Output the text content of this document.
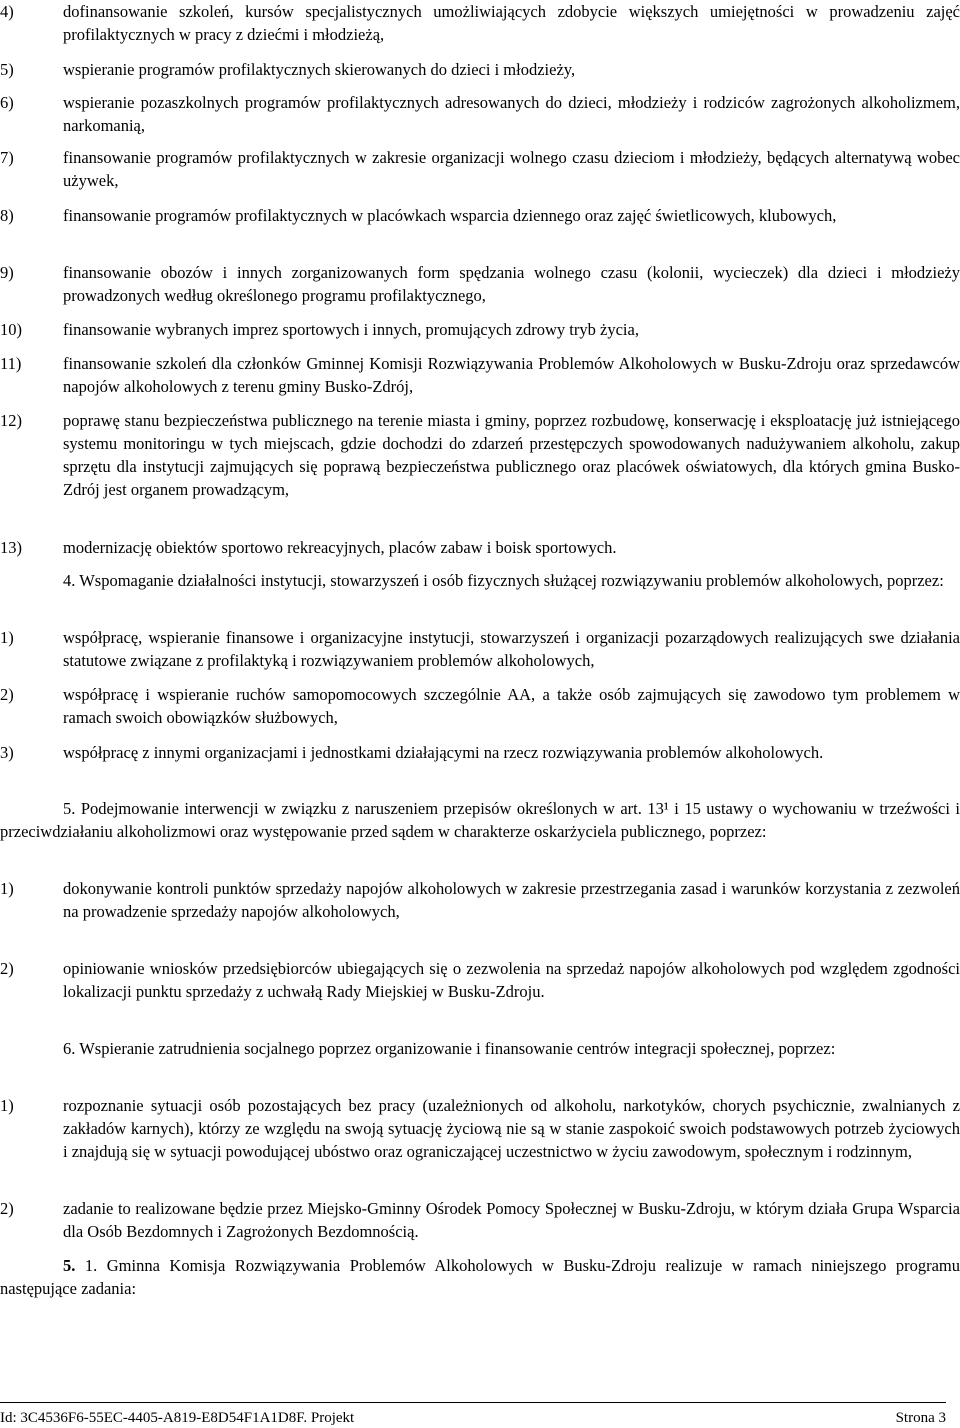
4)	dofinansowanie szkoleń, kursów specjalistycznych umożliwiających zdobycie większych umiejętności w prowadzeniu zajęć profilaktycznych w pracy z dziećmi i młodzieżą,
5)	wspieranie programów profilaktycznych skierowanych do dzieci i młodzieży,
6)	wspieranie pozaszkolnych programów profilaktycznych adresowanych do dzieci, młodzieży i rodziców zagrożonych alkoholizmem, narkomanią,
7)	finansowanie programów profilaktycznych w zakresie organizacji wolnego czasu dzieciom i młodzieży, będących alternatywą wobec używek,
8)	finansowanie programów profilaktycznych w placówkach wsparcia dziennego oraz zajęć świetlicowych, klubowych,
9)	finansowanie obozów i innych zorganizowanych form spędzania wolnego czasu (kolonii, wycieczek) dla dzieci i młodzieży prowadzonych według określonego programu profilaktycznego,
10) finansowanie wybranych imprez sportowych i innych, promujących zdrowy tryb życia,
11)	finansowanie szkoleń dla członków Gminnej Komisji Rozwiązywania Problemów Alkoholowych w Busku-Zdroju oraz sprzedawców napojów alkoholowych z terenu gminy Busko-Zdrój,
12) poprawę stanu bezpieczeństwa publicznego na terenie miasta i gminy, poprzez rozbudowę, konserwację i eksploatację już istniejącego systemu monitoringu w tych miejscach, gdzie dochodzi do zdarzeń przestępczych spowodowanych nadużywaniem alkoholu, zakup sprzętu dla instytucji zajmujących się poprawą bezpieczeństwa publicznego oraz placówek oświatowych, dla których gmina Busko-Zdrój jest organem prowadzącym,
13) modernizację obiektów sportowo rekreacyjnych, placów zabaw i boisk sportowych.
4. Wspomaganie działalności instytucji, stowarzyszeń i osób fizycznych służącej rozwiązywaniu problemów alkoholowych, poprzez:
1)	współpracę, wspieranie finansowe i organizacyjne instytucji, stowarzyszeń i organizacji pozarządowych realizujących swe działania statutowe związane z profilaktyką i rozwiązywaniem problemów alkoholowych,
2)	współpracę i wspieranie ruchów samopomocowych szczególnie AA, a także osób zajmujących się zawodowo tym problemem w ramach swoich obowiązków służbowych,
3)	współpracę z innymi organizacjami i jednostkami działającymi na rzecz rozwiązywania problemów alkoholowych.
5. Podejmowanie interwencji w związku z naruszeniem przepisów określonych w art. 13¹ i 15 ustawy o wychowaniu w trzeźwości i przeciwdziałaniu alkoholizmowi oraz występowanie przed sądem w charakterze oskarżyciela publicznego, poprzez:
1)	dokonywanie kontroli punktów sprzedaży napojów alkoholowych w zakresie przestrzegania zasad i warunków korzystania z zezwoleń na prowadzenie sprzedaży napojów alkoholowych,
2)	opiniowanie wniosków przedsiębiorców ubiegających się o zezwolenia na sprzedaż napojów alkoholowych pod względem zgodności lokalizacji punktu sprzedaży z uchwałą Rady Miejskiej w Busku-Zdroju.
6. Wspieranie zatrudnienia socjalnego poprzez organizowanie i finansowanie centrów integracji społecznej, poprzez:
1)	rozpoznanie sytuacji osób pozostających bez pracy (uzależnionych od alkoholu, narkotyków, chorych psychicznie, zwalnianych z zakładów karnych), którzy ze względu na swoją sytuację życiową nie są w stanie zaspokoić swoich podstawowych potrzeb życiowych i znajdują się w sytuacji powodującej ubóstwo oraz ograniczającej uczestnictwo w życiu zawodowym, społecznym i rodzinnym,
2)	zadanie to realizowane będzie przez Miejsko-Gminny Ośrodek Pomocy Społecznej w Busku-Zdroju, w którym działa Grupa Wsparcia dla Osób Bezdomnych i Zagrożonych Bezdomnością.
5. 1. Gminna Komisja Rozwiązywania Problemów Alkoholowych w Busku-Zdroju realizuje w ramach niniejszego programu następujące zadania:
Id: 3C4536F6-55EC-4405-A819-E8D54F1A1D8F. Projekt	Strona 3
